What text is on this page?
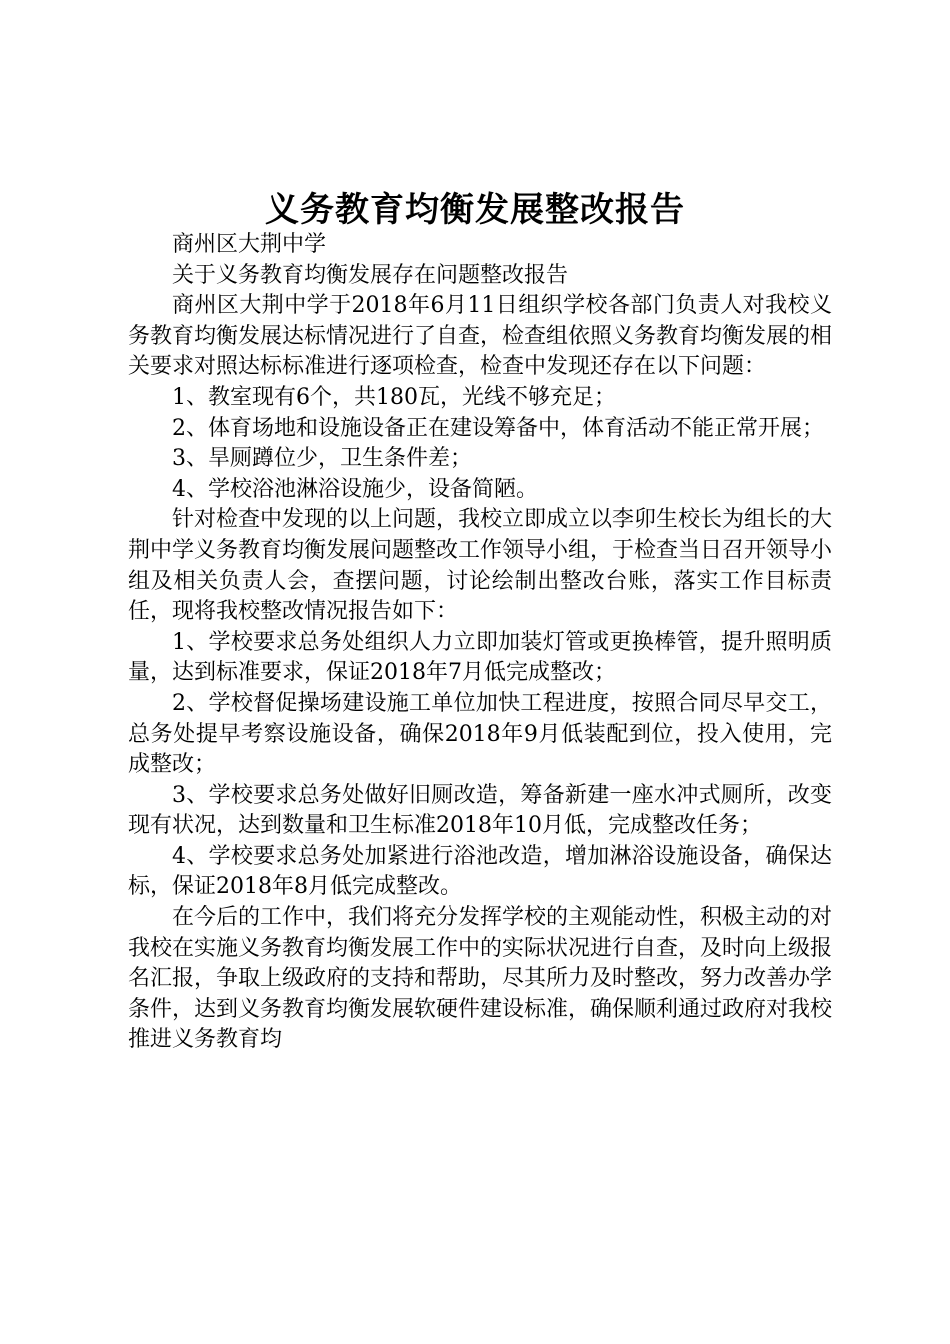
义务教育均衡发展整改报告

商州区大荆中学

关于义务教育均衡发展存在问题整改报告

商州区大荆中学于2018年6月11日组织学校各部门负责人对我校义务教育均衡发展达标情况进行了自查，检查组依照义务教育均衡发展的相关要求对照达标标准进行逐项检查，检查中发现还存在以下问题：

1、教室现有6个，共180瓦，光线不够充足；

2、体育场地和设施设备正在建设筹备中，体育活动不能正常开展；

3、旱厕蹲位少，卫生条件差；

4、学校浴池淋浴设施少，设备简陋。

针对检查中发现的以上问题，我校立即成立以李卯生校长为组长的大荆中学义务教育均衡发展问题整改工作领导小组，于检查当日召开领导小组及相关负责人会，查摆问题，讨论绘制出整改台账，落实工作目标责任，现将我校整改情况报告如下：

1、学校要求总务处组织人力立即加装灯管或更换棒管，提升照明质量，达到标准要求，保证2018年7月低完成整改；

2、学校督促操场建设施工单位加快工程进度，按照合同尽早交工，总务处提早考察设施设备，确保2018年9月低装配到位，投入使用，完成整改；

3、学校要求总务处做好旧厕改造，筹备新建一座水冲式厕所，改变现有状况，达到数量和卫生标准2018年10月低，完成整改任务；

4、学校要求总务处加紧进行浴池改造，增加淋浴设施设备，确保达标，保证2018年8月低完成整改。

在今后的工作中，我们将充分发挥学校的主观能动性，积极主动的对我校在实施义务教育均衡发展工作中的实际状况进行自查，及时向上级报名汇报，争取上级政府的支持和帮助，尽其所力及时整改，努力改善办学条件，达到义务教育均衡发展软硬件建设标准，确保顺利通过政府对我校推进义务教育均
